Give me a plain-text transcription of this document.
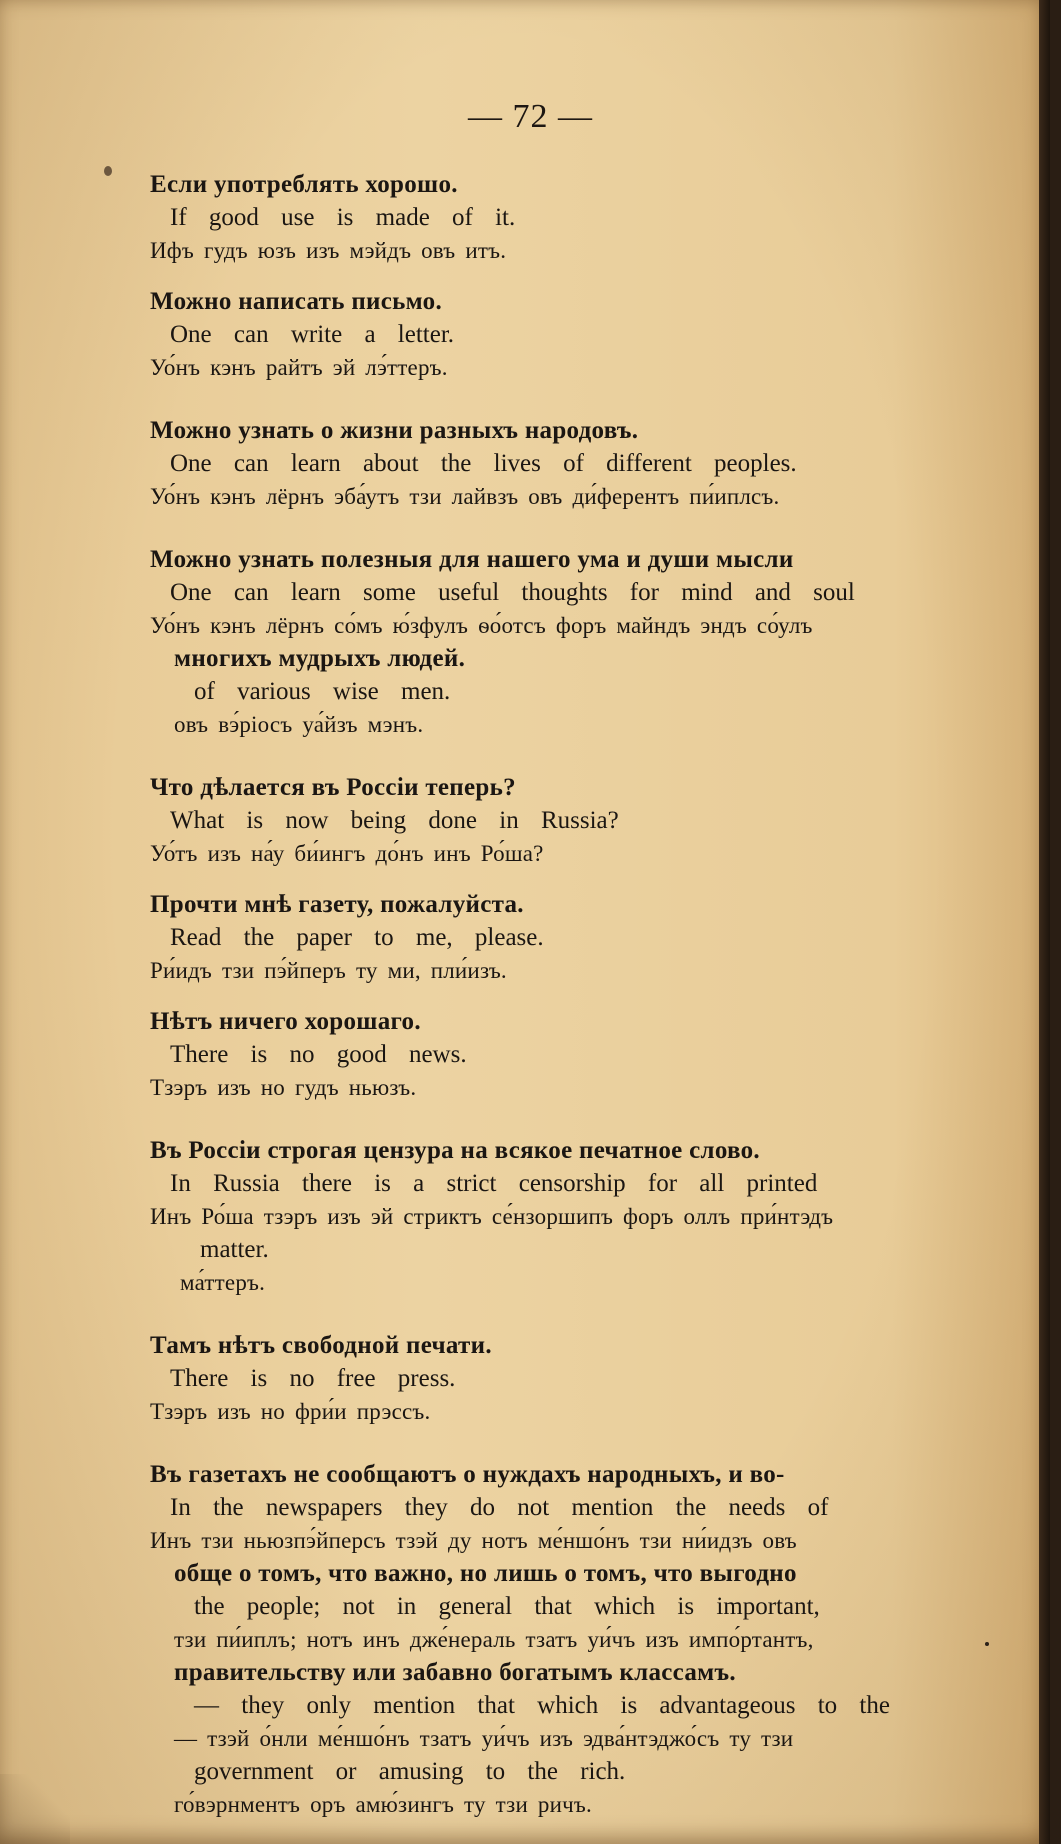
— 72 —
Если употреблять хорошо.
If good use is made of it.
Ифъ гудъ юзъ изъ мэйдъ овъ итъ.
Можно написать письмо.
One can write a letter.
Уо́нъ кэнъ райтъ эй лэ́ттеръ.
Можно узнать о жизни разныхъ народовъ.
One can learn about the lives of different peoples.
Уо́нъ кэнъ лёрнъ эба́утъ тзи лайвзъ овъ ди́ферентъ пи́иплсъ.
Можно узнать полезныя для нашего ума и души мысли
One can learn some useful thoughts for mind and soul
Уо́нъ кэнъ лёрнъ со́мъ ю́зфулъ ѳо́отсъ форъ майндъ эндъ со́улъ
многихъ мудрыхъ людей.
of various wise men.
овъ вэ́ріосъ уа́йзъ мэнъ.
Что дѣлается въ Россіи теперь?
What is now being done in Russia?
Уо́тъ изъ на́у би́ингъ до́нъ инъ Ро́ша?
Прочти мнѣ газету, пожалуйста.
Read the paper to me, please.
Ри́идъ тзи пэ́йперъ ту ми, пли́изъ.
Нѣтъ ничего хорошаго.
There is no good news.
Тзэръ изъ но гудъ ньюзъ.
Въ Россіи строгая цензура на всякое печатное слово.
In Russia there is a strict censorship for all printed
Инъ Ро́ша тзэръ изъ эй стриктъ се́нзоршипъ форъ оллъ при́нтэдъ
matter.
ма́ттеръ.
Тамъ нѣтъ свободной печати.
There is no free press.
Тзэръ изъ но фри́и прэссъ.
Въ газетахъ не сообщаютъ о нуждахъ народныхъ, и во-
In the newspapers they do not mention the needs of
Инъ тзи ньюзпэ́йперсъ тзэй ду нотъ ме́ншо́нъ тзи ни́идзъ овъ
обще о томъ, что важно, но лишь о томъ, что выгодно
the people; not in general that which is important,
тзи пи́иплъ; нотъ инъ дже́нераль тзатъ уи́чъ изъ импо́ртантъ,
правительству или забавно богатымъ классамъ.
— they only mention that which is advantageous to the
— тзэй о́нли ме́ншо́нъ тзатъ уи́чъ изъ эдва́нтэджо́съ ту тзи
government or amusing to the rich.
го́вэрнментъ оръ амю́зингъ ту тзи ричъ.
